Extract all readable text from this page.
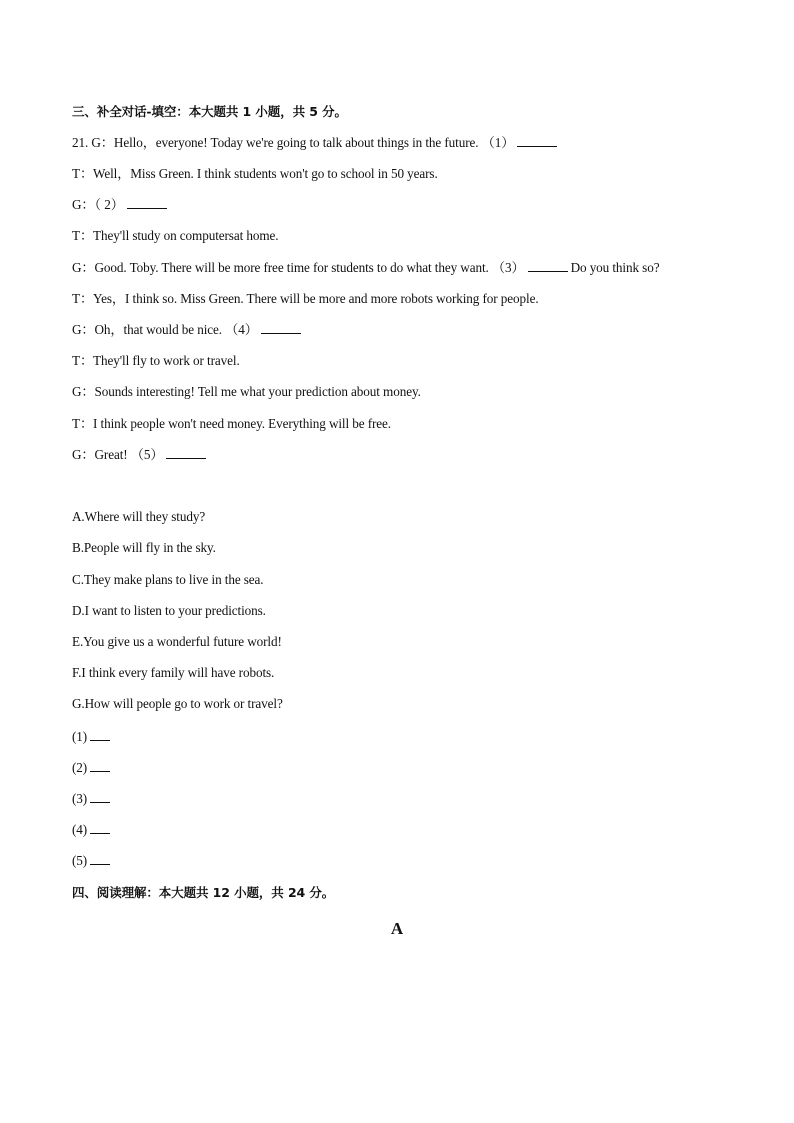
三、补全对话-填空：本大题共 1 小题，共 5 分。
21. G：Hello，everyone! Today we're going to talk about things in the future. （1）
T：Well，Miss Green. I think students won't go to school in 50 years.
G：（ 2）
T：They'll study on computersat home.
G：Good. Toby. There will be more free time for students to do what they want. （3）	Do you think so?
T：Yes，I think so. Miss Green. There will be more and more robots working for people.
G：Oh，that would be nice. （4）
T：They'll fly to work or travel.
G：Sounds interesting! Tell me what your prediction about money.
T：I think people won't need money. Everything will be free.
G：Great! （5）
A.Where will they study?
B.People will fly in the sky.
C.They make plans to live in the sea.
D.I want to listen to your predictions.
E.You give us a wonderful future world!
F.I think every family will have robots.
G.How will people go to work or travel?
(1)
(2)
(3)
(4)
(5)
四、阅读理解：本大题共 12 小题，共 24 分。
A
